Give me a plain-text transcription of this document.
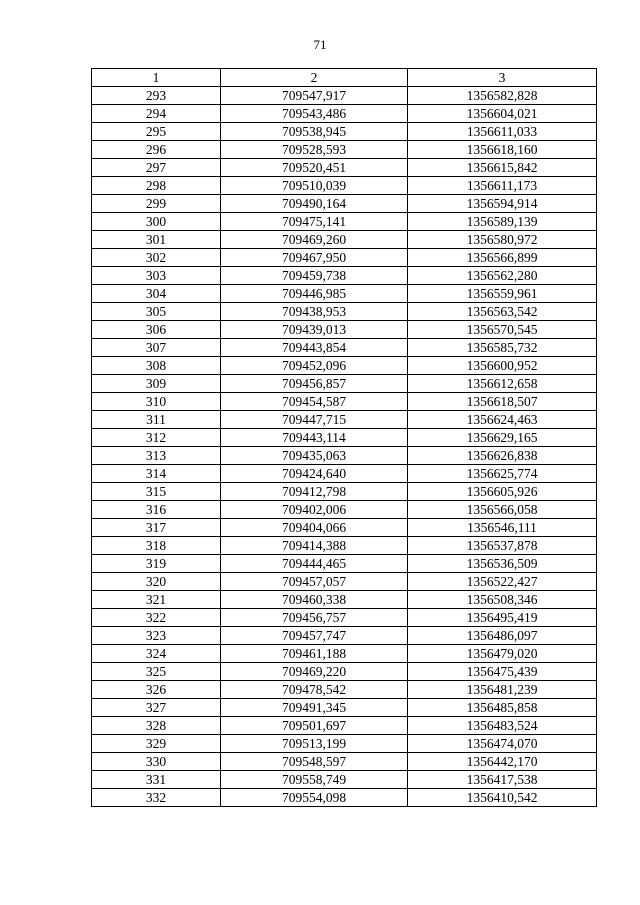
71
1	2	3
293	709547,917	1356582,828
294	709543,486	1356604,021
295	709538,945	1356611,033
296	709528,593	1356618,160
297	709520,451	1356615,842
298	709510,039	1356611,173
299	709490,164	1356594,914
300	709475,141	1356589,139
301	709469,260	1356580,972
302	709467,950	1356566,899
303	709459,738	1356562,280
304	709446,985	1356559,961
305	709438,953	1356563,542
306	709439,013	1356570,545
307	709443,854	1356585,732
308	709452,096	1356600,952
309	709456,857	1356612,658
310	709454,587	1356618,507
311	709447,715	1356624,463
312	709443,114	1356629,165
313	709435,063	1356626,838
314	709424,640	1356625,774
315	709412,798	1356605,926
316	709402,006	1356566,058
317	709404,066	1356546,111
318	709414,388	1356537,878
319	709444,465	1356536,509
320	709457,057	1356522,427
321	709460,338	1356508,346
322	709456,757	1356495,419
323	709457,747	1356486,097
324	709461,188	1356479,020
325	709469,220	1356475,439
326	709478,542	1356481,239
327	709491,345	1356485,858
328	709501,697	1356483,524
329	709513,199	1356474,070
330	709548,597	1356442,170
331	709558,749	1356417,538
332	709554,098	1356410,542
